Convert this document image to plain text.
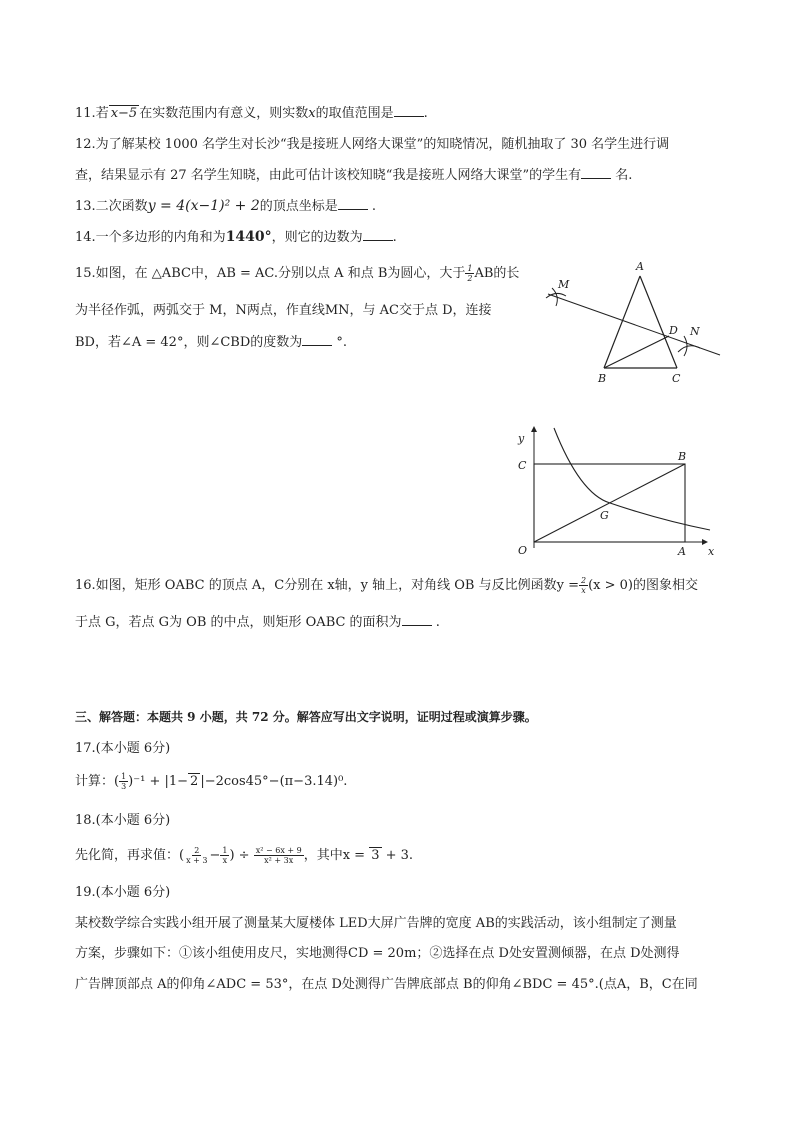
11.若 x−5 在实数范围内有意义，则实数x的取值范围是 .
12.为了解某校 1000 名学生对长沙“我是接班人网络大课堂”的知晓情况，随机抽取了 30 名学生进行调
查，结果显示有 27 名学生知晓，由此可估计该校知晓“我是接班人网络大课堂”的学生有	名.
13.二次函数y = 4(x−1)² + 2的顶点坐标是	.
14.一个多边形的内角和为1440°，则它的边数为 .
15.如图，在 △ABC中，AB = AC.分别以点 A 和点 B为圆心，大于 $\frac{1}{2}$ AB的长
为半径作弧，两弧交于 M，N两点，作直线MN，与 AC交于点 D，连接
BD，若∠A = 42°，则∠CBD的度数为	°.
A
M
D N
B	C
y
C
B
G
O	A x
16.如图，矩形 OABC 的顶点 A，C分别在 x轴，y 轴上，对角线 OB 与反比例函数$y = \frac{2}{x} (x > 0)$的图象相交
于点 G，若点 G为 OB 的中点，则矩形 OABC 的面积为	.
三、解答题：本题共 9 小题，共 72 分。解答应写出文字说明，证明过程或演算步骤。
17.(本小题 6分)
计算：( $\frac{1}{3} )^{-1} + |1- 2$ |−2cos45°−(π−3.14)⁰.
18.(本小题 6分)
先化简，再求值：( $\frac{2}{x + 3} - \frac{1}{x}$ ) ÷ $\frac{\text{x² − 6x + 9}}{\text{x² + 3x}}$ ，其中x = 3 + 3.
19.(本小题 6分)
某校数学综合实践小组开展了测量某大厦楼体 LED大屏广告牌的宽度 AB的实践活动，该小组制定了测量
方案，步骤如下：①该小组使用皮尺，实地测得CD = 20m；②选择在点 D处安置测倾器，在点 D处测得
广告牌顶部点 A的仰角∠ADC = 53°，在点 D处测得广告牌底部点 B的仰角∠BDC = 45°.(点A，B，C在同
